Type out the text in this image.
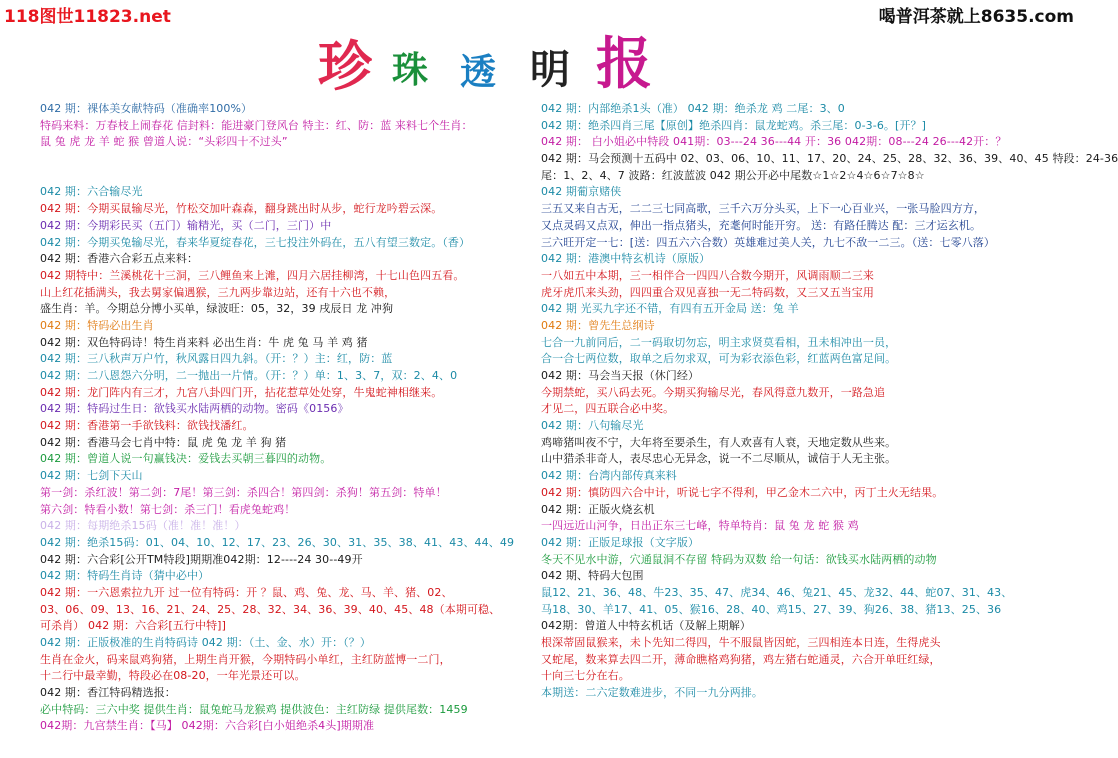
118图世11823.net	喝普洱茶就上8635.com
珍 珠 透 明 报
042 期：裸体美女献特码（准确率100%）
特码来料：万春枝上闹春花 信封料：能进豪门登风台 特主：红、防：蓝 来料七个生肖：
鼠 兔 虎 龙 羊 蛇 猴 曾道人说：“头彩四十不过头”
042 期：六合输尽光
042 期：今期买鼠输尽光，竹松交加叶森森，翻身跳出时从步，蛇行龙吟碧云深。
042 期：今期彩民买（五门）输精光，买（二门，三门）中
042 期：今期买兔输尽光，春来华夏绽春花，三七投注外码在，五八有望三数定。（香）
042 期：香港六合彩五点来料：
042 期特中：兰溪桃花十三洞，三八鲤鱼来上滩，四月六居挂柳湾，十七山色四五看。
山上红花插满头，我去舅家偏遇猴，三九两步靠边站，还有十六也不赖，
盛生肖：羊。今期总分博小买单，绿波旺：05，32，39 戌辰日 龙 冲狗
042 期：特码必出生肖
042 期：双色特码诗！特生肖来料 必出生肖：牛 虎 兔 马 羊 鸡 猪
042 期：三八秋声万户竹，秋风露日四九斜。（开：？）主：红，防：蓝
042 期：二八恩怨六分明，二一抛出一片情。（开：？）单：1、3、7，双：2、4、0
042 期：龙门阵内有三才，九宫八卦四门开，拈花惹草处处穿，牛鬼蛇神相继来。
042 期：特码过生日：欲钱买水陆两栖的动物。密码《0156》
042 期：香港第一手欲钱料：欲钱找潘红。
042 期：香港马会七肖中特：鼠 虎 兔 龙 羊 狗 猪
042 期：曾道人说一句赢钱决：爱钱去买朝三暮四的动物。
042 期：七剑下天山
第一剑：杀红波！第二剑：7尾！第三剑：杀四合！第四剑：杀狗！第五剑：特单！
第六剑：特看小数！第七剑：杀三门！看虎兔蛇鸡！
042 期：每期绝杀15码（准！准！准！）
042 期：绝杀15码：01、04、10、12、17、23、26、30、31、35、38、41、43、44、49
042 期：六合彩[公开TM特段]期期准042期：12----24 30--49开
042 期：特码生肖诗（猜中必中）
042 期：一六恩索拉九开 过一位有特码：开 ？鼠、鸡、兔、龙、马、羊、猪、02、
03、06、09、13、16、21、24、25、28、32、34、36、39、40、45、48（本期可稳、
可杀肖） 042 期：六合彩[五行中特]]
042 期：正版极准的生肖特码诗 042 期：（土、金、水）开：（？）
生肖在金火，码来鼠鸡狗猪，上期生肖开猴，今期特码小单红，主红防蓝博一二门，
十二行中最幸勤，特段必在08-20，一年光景还可以。
042 期：香江特码精选报：
必中特码：三六中奖 提供生肖：鼠兔蛇马龙猴鸡 提供波色：主红防绿 提供尾数：1459
042期：九宫禁生肖：【马】 042期：六合彩[白小姐绝杀4头]期期准
042 期：内部绝杀1头（准） 042 期：绝杀龙 鸡 二尾：3、0
042 期：绝杀四肖三尾【原创】绝杀四肖：鼠龙蛇鸡。杀三尾：0-3-6。[开？]
042 期： 白小姐必中特段 041期：03---24 36---44 开：36 042期：08---24 26---42开：？
042 期：马会预测十五码中 02、03、06、10、11、17、20、24、25、28、32、36、39、40、45 特段：24-36
尾：1、2、4、7 波路：红波蓝波 042 期公开必中尾数☆1☆2☆4☆6☆7☆8☆
042 期葡京赌侠
三五又来自古无，二二三七同高歌，三千六万分头买，上下一心百业兴，一张马脸四方方，
又点灵码又点双，伸出一指点猪头，充耄何时能开穷。 送：有路任腾达 配：三才运玄机。
三六旺开定一七：[送：四五六六合数）英雄难过美人关，九七不敌一二三。（送：七零八落）
042 期：港澳中特玄机诗（原版）
一八如五中本期，三一相伴合一四四八合数今期开，风调雨顺二三来
虎牙虎爪来头劲，四四重合双见喜独一无二特码数，又三又五当宝用
042 期 光买九字还不错，有四有五开金局 送：兔 羊
042 期：曾先生总纲诗
七合一九前同后，二一码取切勿忘，明主求贤莫看相，丑未相冲出一员，
合一合七两位数，取单之后勿求双，可为彩衣添色彩，红蓝两色富足间。
042 期：马会当天报（休门经）
今期禁蛇，买八码去死。今期买狗输尽光，春风得意九数开，一路急追
才见二，四五联合必中奖。
042 期：八句输尽光
鸡啼猪叫夜不宁，大年将至要杀生，有人欢喜有人衰，天地定数从些来。
山中猎杀非奇人，表尽忠心无异念，说一不二尽顺从，诚信于人无主张。
042 期：台湾内部传真来料
042 期：慎防四六合中计，听说七字不得利，甲乙金木二六中，丙丁土火无结果。
042 期：正版火烧玄机
一四远近山河争，日出正东三七峰，特单特肖：鼠 兔 龙 蛇 猴 鸡
042 期：正版足球报（文字版）
冬天不见水中游，穴通鼠洞不存留 特码为双数 给一句话：欲钱买水陆两栖的动物
042 期、特码大包围
鼠12、21、36、48、牛23、35、47、虎34、46、兔21、45、龙32、44、蛇07、31、43、
马18、30、羊17、41、05、猴16、28、40、鸡15、27、39、狗26、38、猪13、25、36
042期：曾道人中特玄机话（及解上期解）
根深蒂固鼠猴来，未卜先知二得四，牛不服鼠皆因蛇，三四相连本日连，生得虎头
又蛇尾，数来算去四二开，薄命瞧格鸡狗猪，鸡左猪右蛇通灵，六合开单旺红绿，
十向三七分在右。
本期送：二六定数难进步，不同一九分两排。
